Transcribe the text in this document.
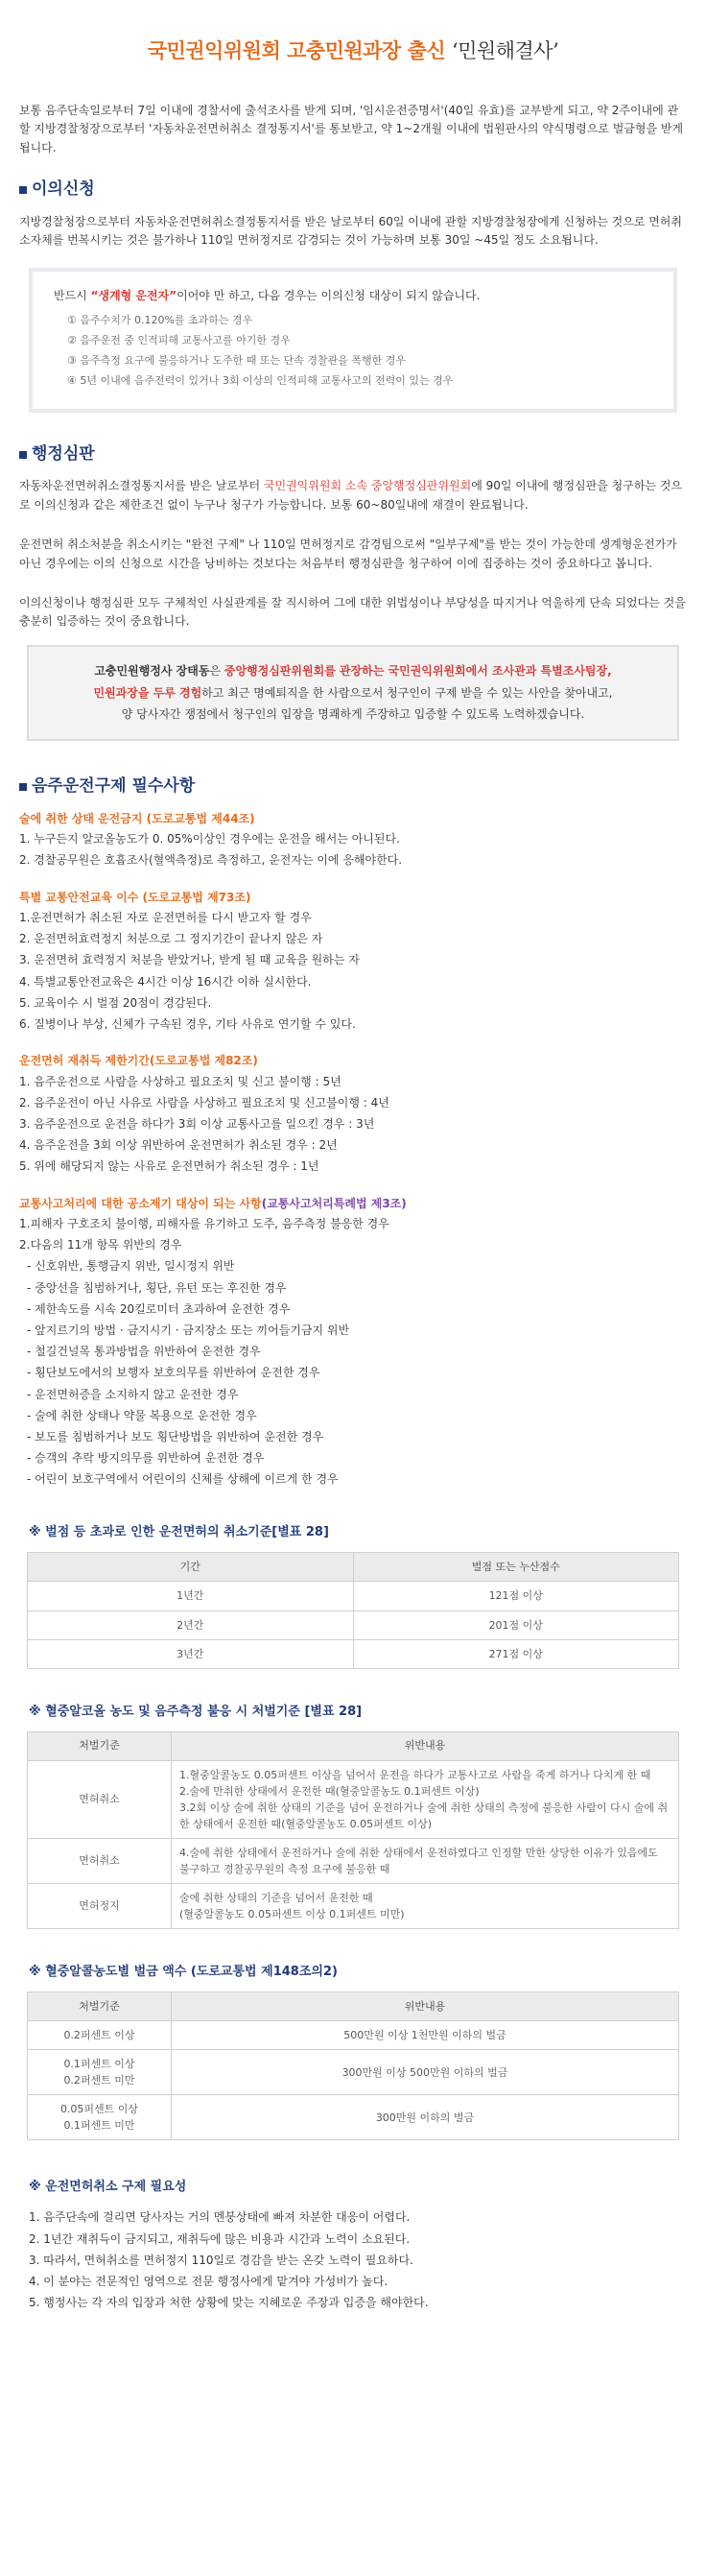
국민권익위원회 고충민원과장 출신 ‘민원해결사’

보통 음주단속일로부터 7일 이내에 경찰서에 출석조사를 받게 되며, '임시운전증명서'(40일 유효)를 교부받게 되고, 약 2주이내에 관할 지방경찰청장으로부터 '자동차운전면허취소 결정통지서'를 통보받고, 약 1~2개월 이내에 법원판사의 약식명령으로 벌금형을 받게 됩니다.

이의신청

지방경찰청장으로부터 자동차운전면허취소결정통지서를 받은 날로부터 60일 이내에 관할 지방경찰청장에게 신청하는 것으로 면허취소자체를 번복시키는 것은 불가하나 110일 면허정지로 감경되는 것이 가능하며 보통 30일 ~45일 정도 소요됩니다.

반드시 “생계형 운전자”이어야 만 하고, 다음 경우는 이의신청 대상이 되지 않습니다.
① 음주수치가 0.120%를 초과하는 경우
② 음주운전 중 인적피해 교통사고를 야기한 경우
③ 음주측정 요구에 불응하거나 도주한 때 또는 단속 경찰관을 폭행한 경우
④ 5년 이내에 음주전력이 있거나 3회 이상의 인적피해 교통사고의 전력이 있는 경우
행정심판

자동차운전면허취소결정통지서를 받은 날로부터 국민권익위원회 소속 중앙행정심판위원회에 90일 이내에 행정심판을 청구하는 것으로 이의신청과 같은 제한조건 없이 누구나 청구가 가능합니다. 보통 60~80일내에 재결이 완료됩니다.

운전면허 취소처분을 취소시키는 "완전 구제" 나 110일 면허정지로 감경팀으로써 "일부구제"를 받는 것이 가능한데 생계형운전가가 아닌 경우에는 이의 신청으로 시간을 낭비하는 것보다는 처음부터 행정심판을 청구하여 이에 집중하는 것이 중요하다고 봅니다.

이의신청이나 행정심판 모두 구체적인 사실관계를 잘 직시하여 그에 대한 위법성이나 부당성을 따지거나 억울하게 단속 되었다는 것을 충분히 입증하는 것이 중요합니다.

고충민원행정사 장태동은 중앙행정심판위원회를 관장하는 국민권익위원회에서 조사관과 특별조사팀장,
민원과장을 두루 경험하고 최근 명예퇴직을 한 사람으로서 청구인이 구제 받을 수 있는 사안을 찾아내고,
양 당사자간 쟁점에서 청구인의 입장을 명쾌하게 주장하고 입증할 수 있도록 노력하겠습니다.
음주운전구제 필수사항
술에 취한 상태 운전금지 (도로교통법 제44조)
1. 누구든지 알코올농도가 0. 05%이상인 경우에는 운전을 해서는 아니된다.
2. 경찰공무원은 호흡조사(혈액측정)로 측정하고, 운전자는 이에 응해야한다.
특별 교통안전교육 이수 (도로교통법 제73조)
1.운전면허가 취소된 자로 운전면허를 다시 받고자 할 경우
2. 운전면허효력정지 처분으로 그 정지기간이 끝나지 않은 자
3. 운전면허 효력정지 처분을 받았거나, 받게 될 때 교육을 원하는 자
4. 특별교통안전교육은 4시간 이상 16시간 이하 실시한다.
5. 교육이수 시 벌점 20점이 경감된다.
6. 질병이나 부상, 신체가 구속된 경우, 기타 사유로 연기할 수 있다.
운전면허 재취득 제한기간(도로교통법 제82조)
1. 음주운전으로 사람을 사상하고 필요조치 및 신고 불이행 : 5년
2. 음주운전이 아닌 사유로 사람을 사상하고 필요조치 및 신고불이행 : 4년
3. 음주운전으로 운전을 하다가 3회 이상 교통사고를 일으킨 경우 : 3년
4. 음주운전을 3회 이상 위반하여 운전면허가 취소된 경우 : 2년
5. 위에 해당되지 않는 사유로 운전면허가 취소된 경우 : 1년
교통사고처리에 대한 공소제기 대상이 되는 사항(교통사고처리특례법 제3조)
1.피해자 구호조치 불이행, 피해자를 유기하고 도주, 음주측정 불응한 경우
2.다음의 11개 항목 위반의 경우
- 신호위반, 통행금지 위반, 일시정지 위반
- 중앙선을 침범하거나, 횡단, 유턴 또는 후진한 경우
- 제한속도를 시속 20킬로미터 초과하여 운전한 경우
- 앞지르기의 방법 · 금지시기 · 금지장소 또는 끼어들기금지 위반
- 철길건널목 통과방법을 위반하여 운전한 경우
- 횡단보도에서의 보행자 보호의무를 위반하여 운전한 경우
- 운전면허증을 소지하지 않고 운전한 경우
- 술에 취한 상태나 약물 복용으로 운전한 경우
- 보도를 침범하거나 보도 횡단방법을 위반하여 운전한 경우
- 승객의 추락 방지의무를 위반하여 운전한 경우
- 어린이 보호구역에서 어린이의 신체를 상해에 이르게 한 경우
※ 벌점 등 초과로 인한 운전면허의 취소기준[별표 28]
기간	벌점 또는 누산점수
1년간	121점 이상
2년간	201점 이상
3년간	271점 이상
※ 혈중알코올 농도 및 음주측정 불응 시 처벌기준 [별표 28]
처벌기준	위반내용
면허취소	1.혈중알콜농도 0.05퍼센트 이상을 넘어서 운전을 하다가 교통사고로 사람을 죽게 하거나 다치게 한 때
2.술에 만취한 상태에서 운전한 때(혈중알콜농도 0.1퍼센트 이상)
3.2회 이상 술에 취한 상태의 기준을 넘어 운전하거나 술에 취한 상태의 측정에 불응한 사람이 다시 술에 취한 상태에서 운전한 때(혈중알콜농도 0.05퍼센트 이상)

면허취소	4.술에 취한 상태에서 운전하거나 술에 취한 상태에서 운전하였다고 인정할 만한 상당한 이유가 있음에도 불구하고 경찰공무원의 측정 요구에 불응한 때

면허정지	술에 취한 상태의 기준을 넘어서 운전한 때
(혈중알콜농도 0.05퍼센트 이상 0.1퍼센트 미만)
※ 혈중알콜농도별 벌금 액수 (도로교통법 제148조의2)
처벌기준	위반내용
0.2퍼센트 이상	500만원 이상 1천만원 이하의 벌금

0.1퍼센트 이상
0.2퍼센트 미만	300만원 이상 500만원 이하의 벌금

0.05퍼센트 이상
0.1퍼센트 미만	300만원 이하의 벌금
※ 운전면허취소 구제 필요성
1. 음주단속에 걸리면 당사자는 거의 멘붕상태에 빠져 차분한 대응이 어렵다.
2. 1년간 재취득이 금지되고, 재취득에 많은 비용과 시간과 노력이 소요된다.
3. 따라서, 면허취소를 면허정지 110일로 경감을 받는 온갖 노력이 필요하다.
4. 이 분야는 전문적인 영역으로 전문 행정사에게 맡겨야 가성비가 높다.
5. 행정사는 각 자의 입장과 처한 상황에 맞는 지혜로운 주장과 입증을 해야한다.
